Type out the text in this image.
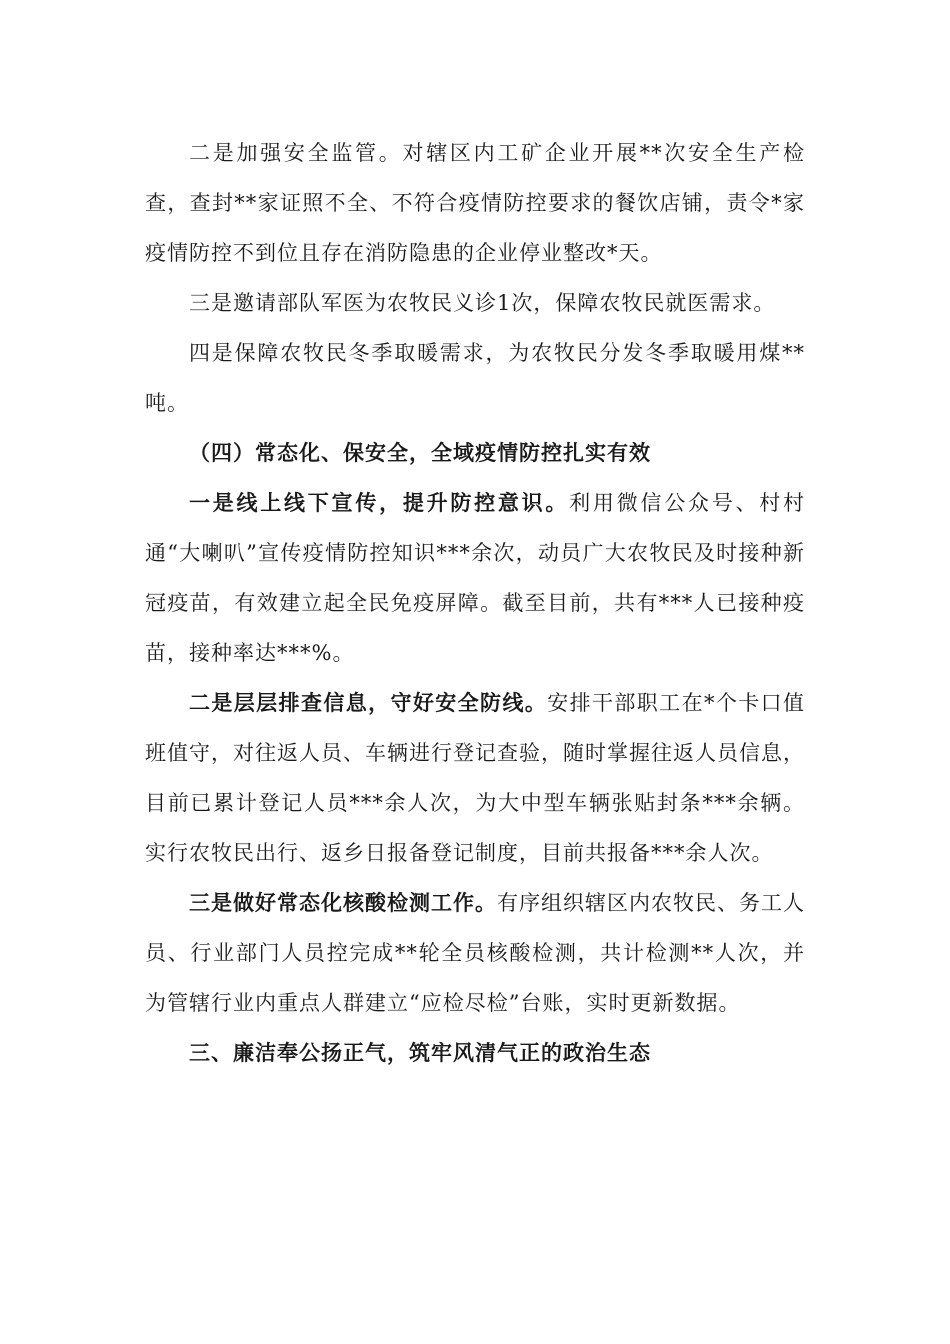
二是加强安全监管。对辖区内工矿企业开展**次安全生产检查，查封**家证照不全、不符合疫情防控要求的餐饮店铺，责令*家疫情防控不到位且存在消防隐患的企业停业整改*天。

三是邀请部队军医为农牧民义诊1次，保障农牧民就医需求。

四是保障农牧民冬季取暖需求，为农牧民分发冬季取暖用煤**吨。

（四）常态化、保安全，全域疫情防控扎实有效

一是线上线下宣传，提升防控意识。利用微信公众号、村村通“大喇叭”宣传疫情防控知识***余次，动员广大农牧民及时接种新冠疫苗，有效建立起全民免疫屏障。截至目前，共有***人已接种疫苗，接种率达***%。

二是层层排查信息，守好安全防线。安排干部职工在*个卡口值班值守，对往返人员、车辆进行登记查验，随时掌握往返人员信息，目前已累计登记人员***余人次，为大中型车辆张贴封条***余辆。实行农牧民出行、返乡日报备登记制度，目前共报备***余人次。

三是做好常态化核酸检测工作。有序组织辖区内农牧民、务工人员、行业部门人员控完成**轮全员核酸检测，共计检测**人次，并为管辖行业内重点人群建立“应检尽检”台账，实时更新数据。

三、廉洁奉公扬正气，筑牢风清气正的政治生态
